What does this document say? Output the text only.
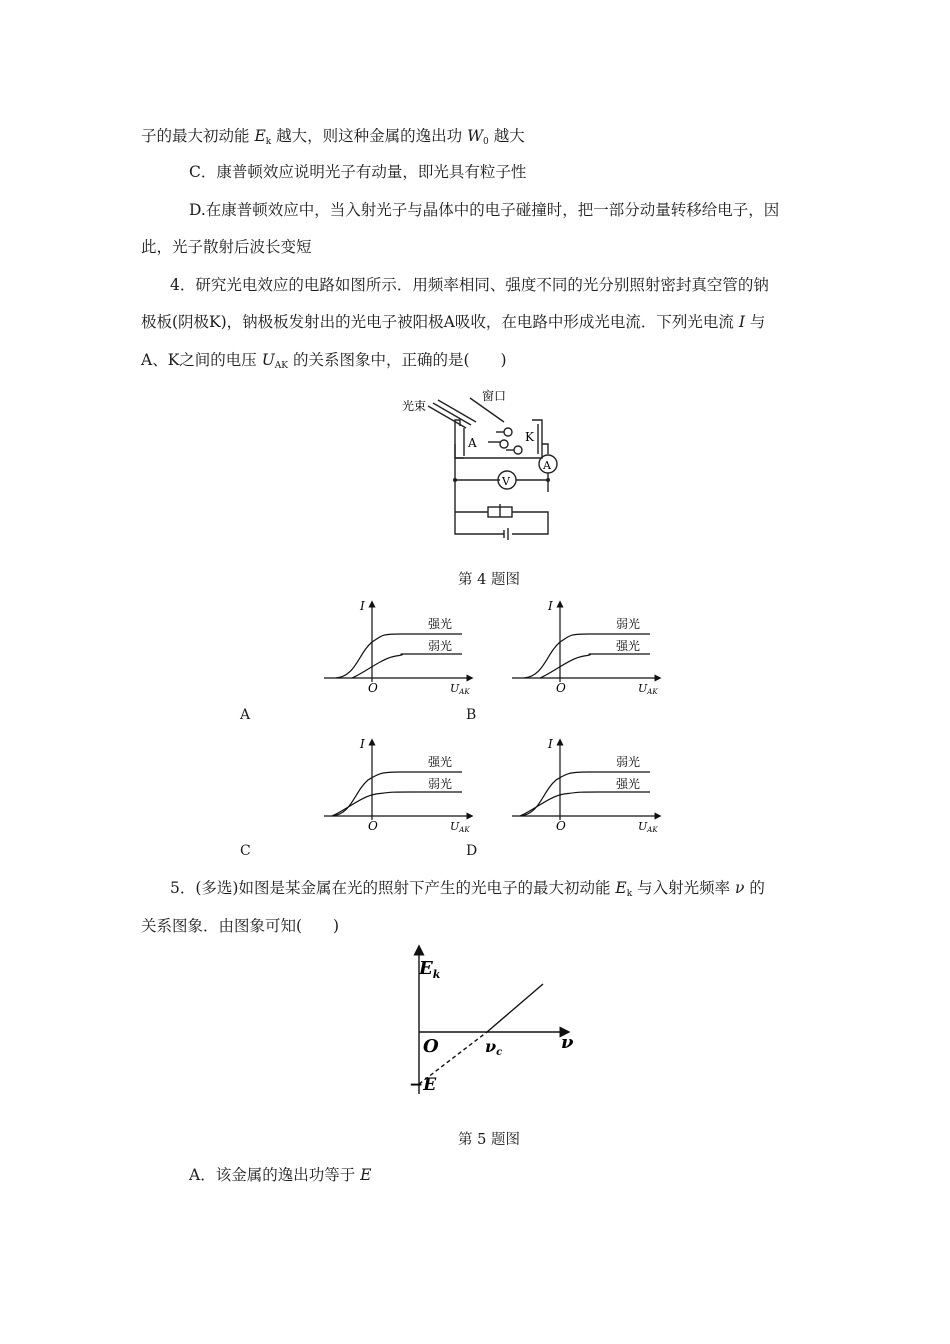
子的最大初动能 $E_k$ 越大，则这种金属的逸出功 $W_0$ 越大
C．康普顿效应说明光子有动量，即光具有粒子性
D.在康普顿效应中，当入射光子与晶体中的电子碰撞时，把一部分动量转移给电子，因
此，光子散射后波长变短
4．研究光电效应的电路如图所示．用频率相同、强度不同的光分别照射密封真空管的钠
极板(阴极K)，钠极板发射出的光电子被阳极A吸收，在电路中形成光电流．下列光电流 I 与
A、K之间的电压 $U_{AK}$ 的关系图象中，正确的是(　　)
光束
窗口
A	K
A
V
第 4 题图
I
O	UAK
强光
弱光
A
I
O	UAK
弱光
强光
B
I
O	UAK
强光
弱光
C
I
O	UAK
弱光
强光
D
5．(多选)如图是某金属在光的照射下产生的光电子的最大初动能 $E_k$ 与入射光频率 ν 的
关系图象．由图象可知(　　)
$E_k$
O	ν
νc
−E
第 5 题图
A．该金属的逸出功等于 E
